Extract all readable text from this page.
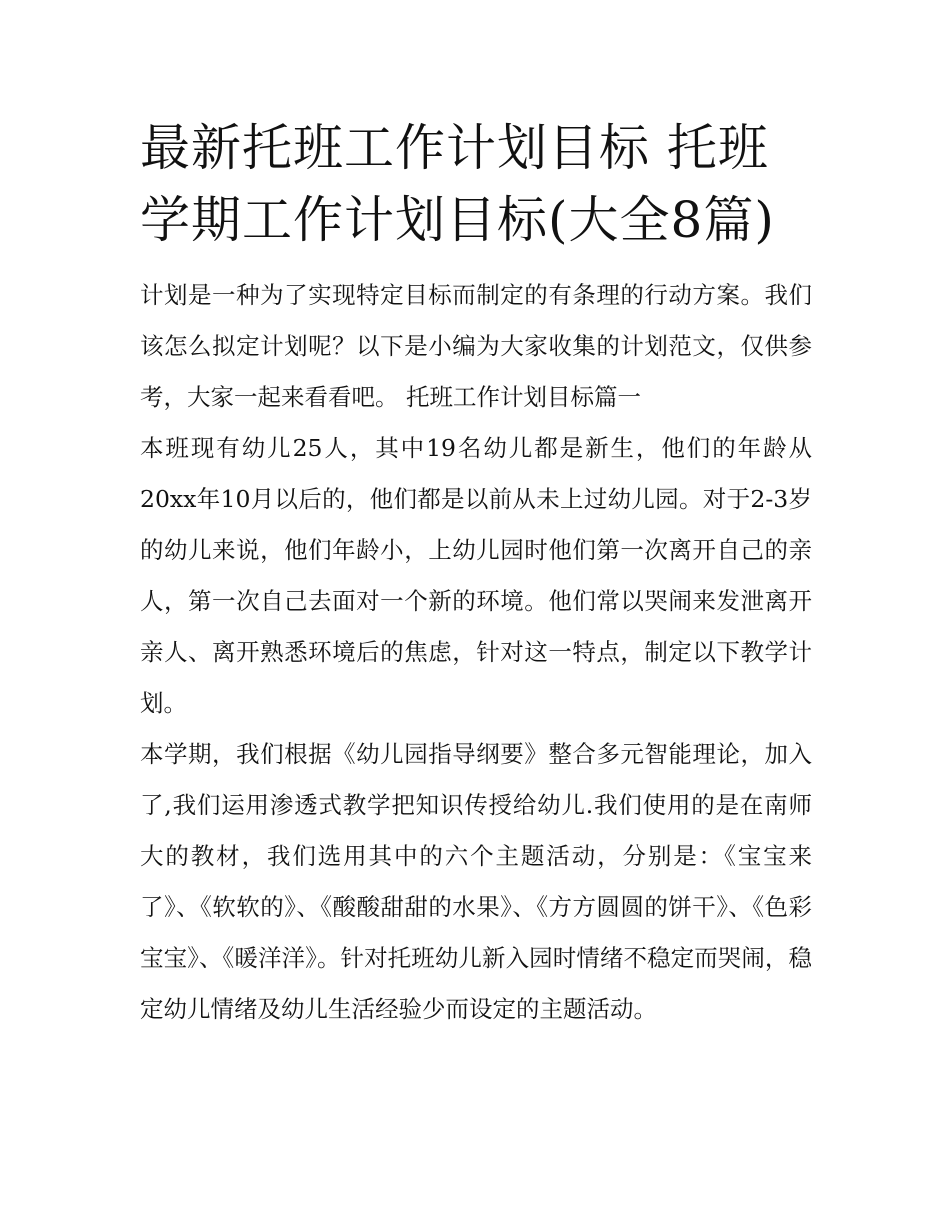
最新托班工作计划目标 托班学期工作计划目标(大全8篇)

计划是一种为了实现特定目标而制定的有条理的行动方案。我们该怎么拟定计划呢？以下是小编为大家收集的计划范文，仅供参考，大家一起来看看吧。 托班工作计划目标篇一

本班现有幼儿25人，其中19名幼儿都是新生，他们的年龄从20xx年10月以后的，他们都是以前从未上过幼儿园。对于2-3岁的幼儿来说，他们年龄小，上幼儿园时他们第一次离开自己的亲人，第一次自己去面对一个新的环境。他们常以哭闹来发泄离开亲人、离开熟悉环境后的焦虑，针对这一特点，制定以下教学计划。

本学期，我们根据《幼儿园指导纲要》整合多元智能理论，加入了,我们运用渗透式教学把知识传授给幼儿.我们使用的是在南师大的教材，我们选用其中的六个主题活动，分别是：《宝宝来了》、《软软的》、《酸酸甜甜的水果》、《方方圆圆的饼干》、《色彩宝宝》、《暖洋洋》。针对托班幼儿新入园时情绪不稳定而哭闹，稳定幼儿情绪及幼儿生活经验少而设定的主题活动。
